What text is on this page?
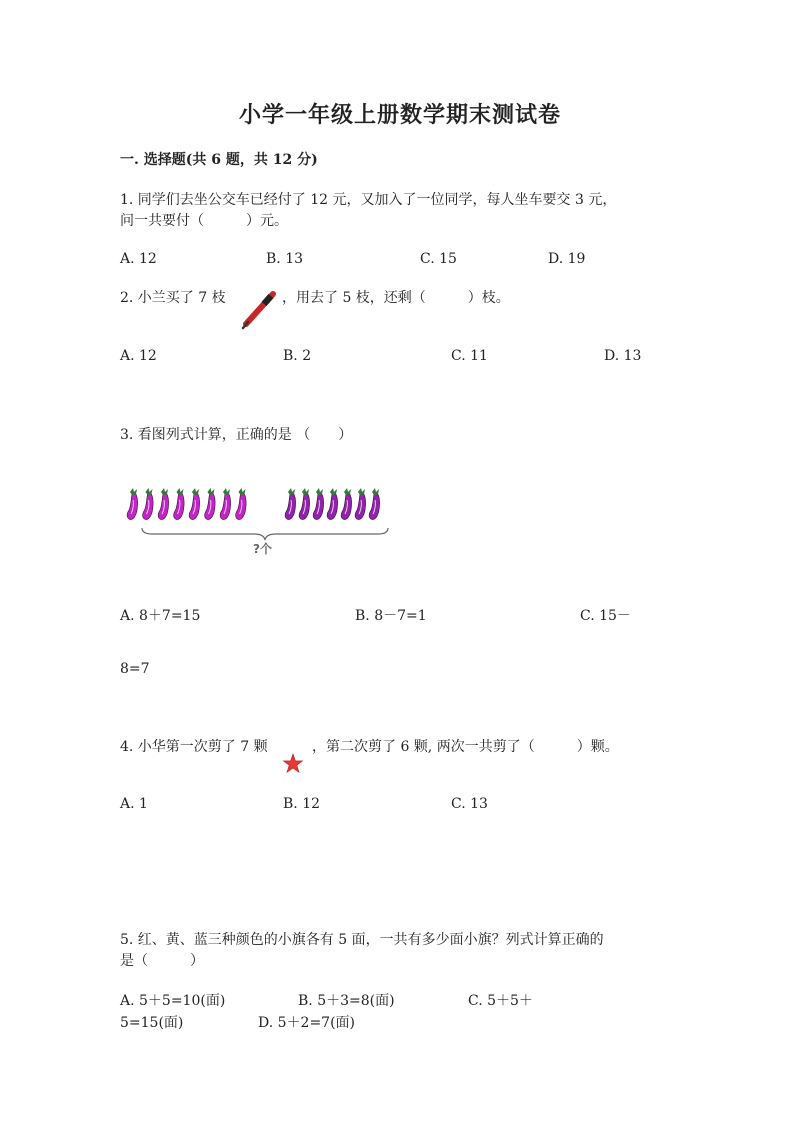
小学一年级上册数学期末测试卷
一. 选择题(共 6 题，共 12 分)
1. 同学们去坐公交车已经付了 12 元，又加入了一位同学，每人坐车要交 3 元，
问一共要付（　　　）元。
A. 12	B. 13	C. 15	D. 19
2. 小兰买了 7 枝	，用去了 5 枝，还剩（　　　）枝。
A. 12	B. 2	C. 11	D. 13
3. 看图列式计算，正确的是 （　　）
?个
A. 8＋7=15	B. 8－7=1	C. 15－
8=7
4. 小华第一次剪了 7 颗	，第二次剪了 6 颗, 两次一共剪了（　　　）颗。
A. 1	B. 12	C. 13
5. 红、黄、蓝三种颜色的小旗各有 5 面，一共有多少面小旗？列式计算正确的
是（　　　）
A. 5＋5=10(面)	B. 5＋3=8(面)	C. 5＋5＋
5=15(面)	D. 5＋2=7(面)
